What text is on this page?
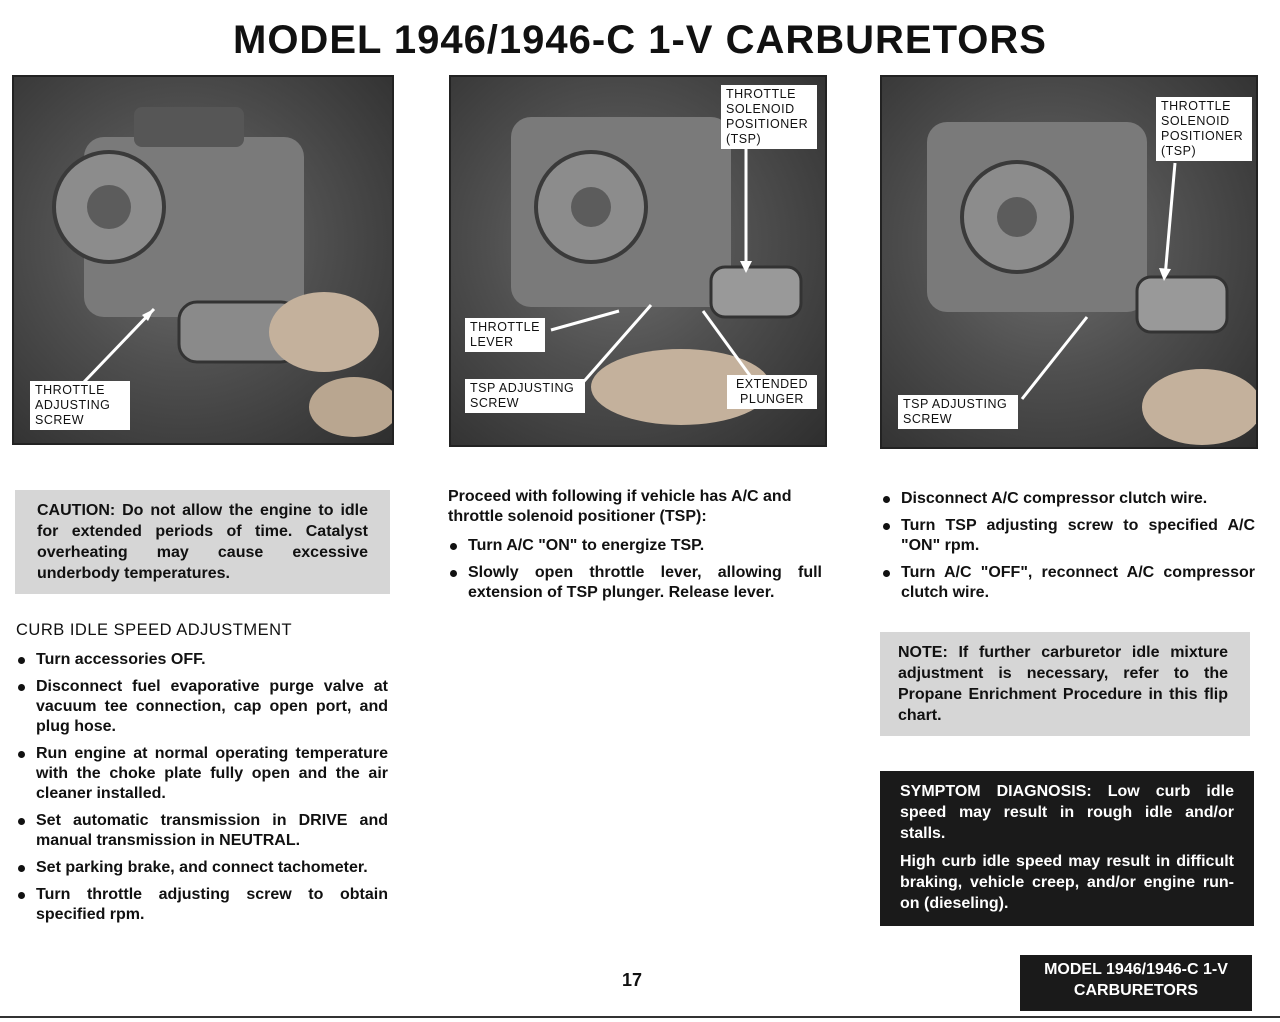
MODEL 1946/1946-C 1-V CARBURETORS
THROTTLE ADJUSTING SCREW
THROTTLE SOLENOID POSITIONER (TSP)
THROTTLE LEVER
TSP ADJUSTING SCREW
EXTENDED PLUNGER
THROTTLE SOLENOID POSITIONER (TSP)
TSP ADJUSTING SCREW
CAUTION: Do not allow the engine to idle for extended periods of time. Catalyst overheating may cause excessive underbody temperatures.
CURB IDLE SPEED ADJUSTMENT
Turn accessories OFF.
Disconnect fuel evaporative purge valve at vacuum tee connection, cap open port, and plug hose.
Run engine at normal operating temperature with the choke plate fully open and the air cleaner installed.
Set automatic transmission in DRIVE and manual transmission in NEUTRAL.
Set parking brake, and connect tachometer.
Turn throttle adjusting screw to obtain specified rpm.
Proceed with following if vehicle has A/C and throttle solenoid positioner (TSP):
Turn A/C "ON" to energize TSP.
Slowly open throttle lever, allowing full extension of TSP plunger. Release lever.
Disconnect A/C compressor clutch wire.
Turn TSP adjusting screw to specified A/C "ON" rpm.
Turn A/C "OFF", reconnect A/C compressor clutch wire.
NOTE: If further carburetor idle mixture adjustment is necessary, refer to the Propane Enrichment Procedure in this flip chart.

SYMPTOM DIAGNOSIS: Low curb idle speed may result in rough idle and/or stalls.

High curb idle speed may result in difficult braking, vehicle creep, and/or engine run-on (dieseling).

17
MODEL 1946/1946-C 1-V
CARBURETORS
